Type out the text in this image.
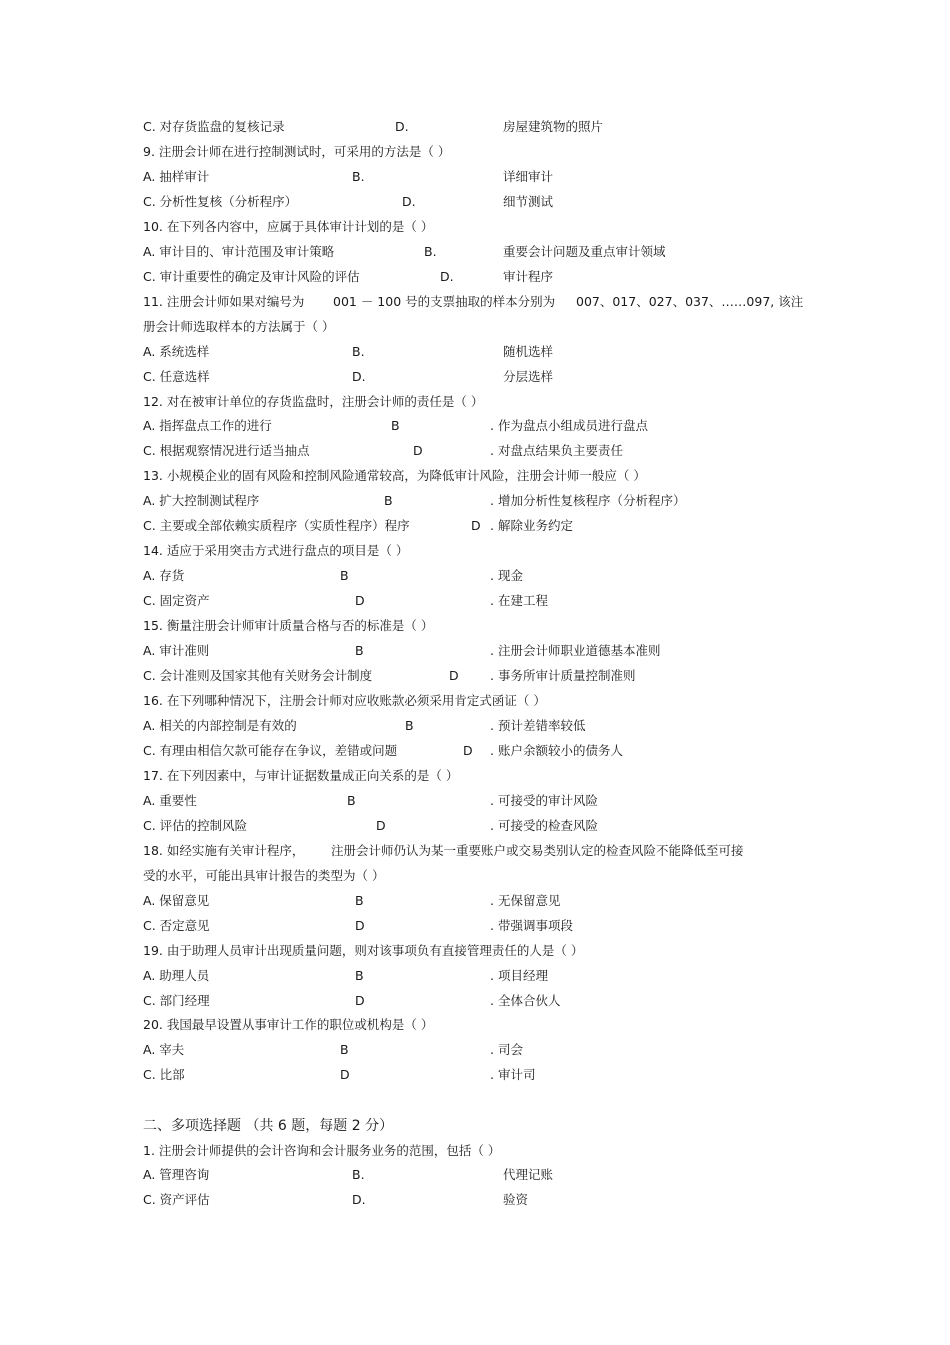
C. 对存货监盘的复核记录	D.	房屋建筑物的照片
9. 注册会计师在进行控制测试时，可采用的方法是（ ）
A. 抽样审计	B.	详细审计
C. 分析性复核（分析程序）	D.	细节测试
10. 在下列各内容中，应属于具体审计计划的是（ ）
A. 审计目的、审计范围及审计策略	B.	重要会计问题及重点审计领域
C. 审计重要性的确定及审计风险的评估	D.	审计程序
11. 注册会计师如果对编号为 001 － 100 号的支票抽取的样本分别为 007、017、027、037、……097, 该注
册会计师选取样本的方法属于（ ）
A. 系统选样	B.	随机选样
C. 任意选样	D.	分层选样
12. 对在被审计单位的存货监盘时，注册会计师的责任是（ ）
A. 指挥盘点工作的进行	B	. 作为盘点小组成员进行盘点
C. 根据观察情况进行适当抽点	D	. 对盘点结果负主要责任
13. 小规模企业的固有风险和控制风险通常较高，为降低审计风险，注册会计师一般应（ ）
A. 扩大控制测试程序	B	. 增加分析性复核程序（分析程序）
C. 主要或全部依赖实质程序（实质性程序）程序	D . 解除业务约定
14. 适应于采用突击方式进行盘点的项目是（ ）
A. 存货	B	. 现金
C. 固定资产	D	. 在建工程
15. 衡量注册会计师审计质量合格与否的标准是（ ）
A. 审计准则	B	. 注册会计师职业道德基本准则
C. 会计准则及国家其他有关财务会计制度	D	. 事务所审计质量控制准则
16. 在下列哪种情况下，注册会计师对应收账款必须采用肯定式函证（ ）
A. 相关的内部控制是有效的	B	. 预计差错率较低
C. 有理由相信欠款可能存在争议，差错或问题	D . 账户余额较小的债务人
17. 在下列因素中，与审计证据数量成正向关系的是（ ）
A. 重要性	B	. 可接受的审计风险
C. 评估的控制风险	D	. 可接受的检查风险
18. 如经实施有关审计程序， 注册会计师仍认为某一重要账户或交易类别认定的检查风险不能降低至可接
受的水平，可能出具审计报告的类型为（ ）
A. 保留意见	B	. 无保留意见
C. 否定意见	D	. 带强调事项段
19. 由于助理人员审计出现质量问题，则对该事项负有直接管理责任的人是（ ）
A. 助理人员	B	. 项目经理
C. 部门经理	D	. 全体合伙人
20. 我国最早设置从事审计工作的职位或机构是（ ）
A. 宰夫	B	. 司会
C. 比部	D	. 审计司
二、多项选择题 （共 6 题，每题 2 分）
1. 注册会计师提供的会计咨询和会计服务业务的范围，包括（ ）
A. 管理咨询	B.	代理记账
C. 资产评估	D.	验资
